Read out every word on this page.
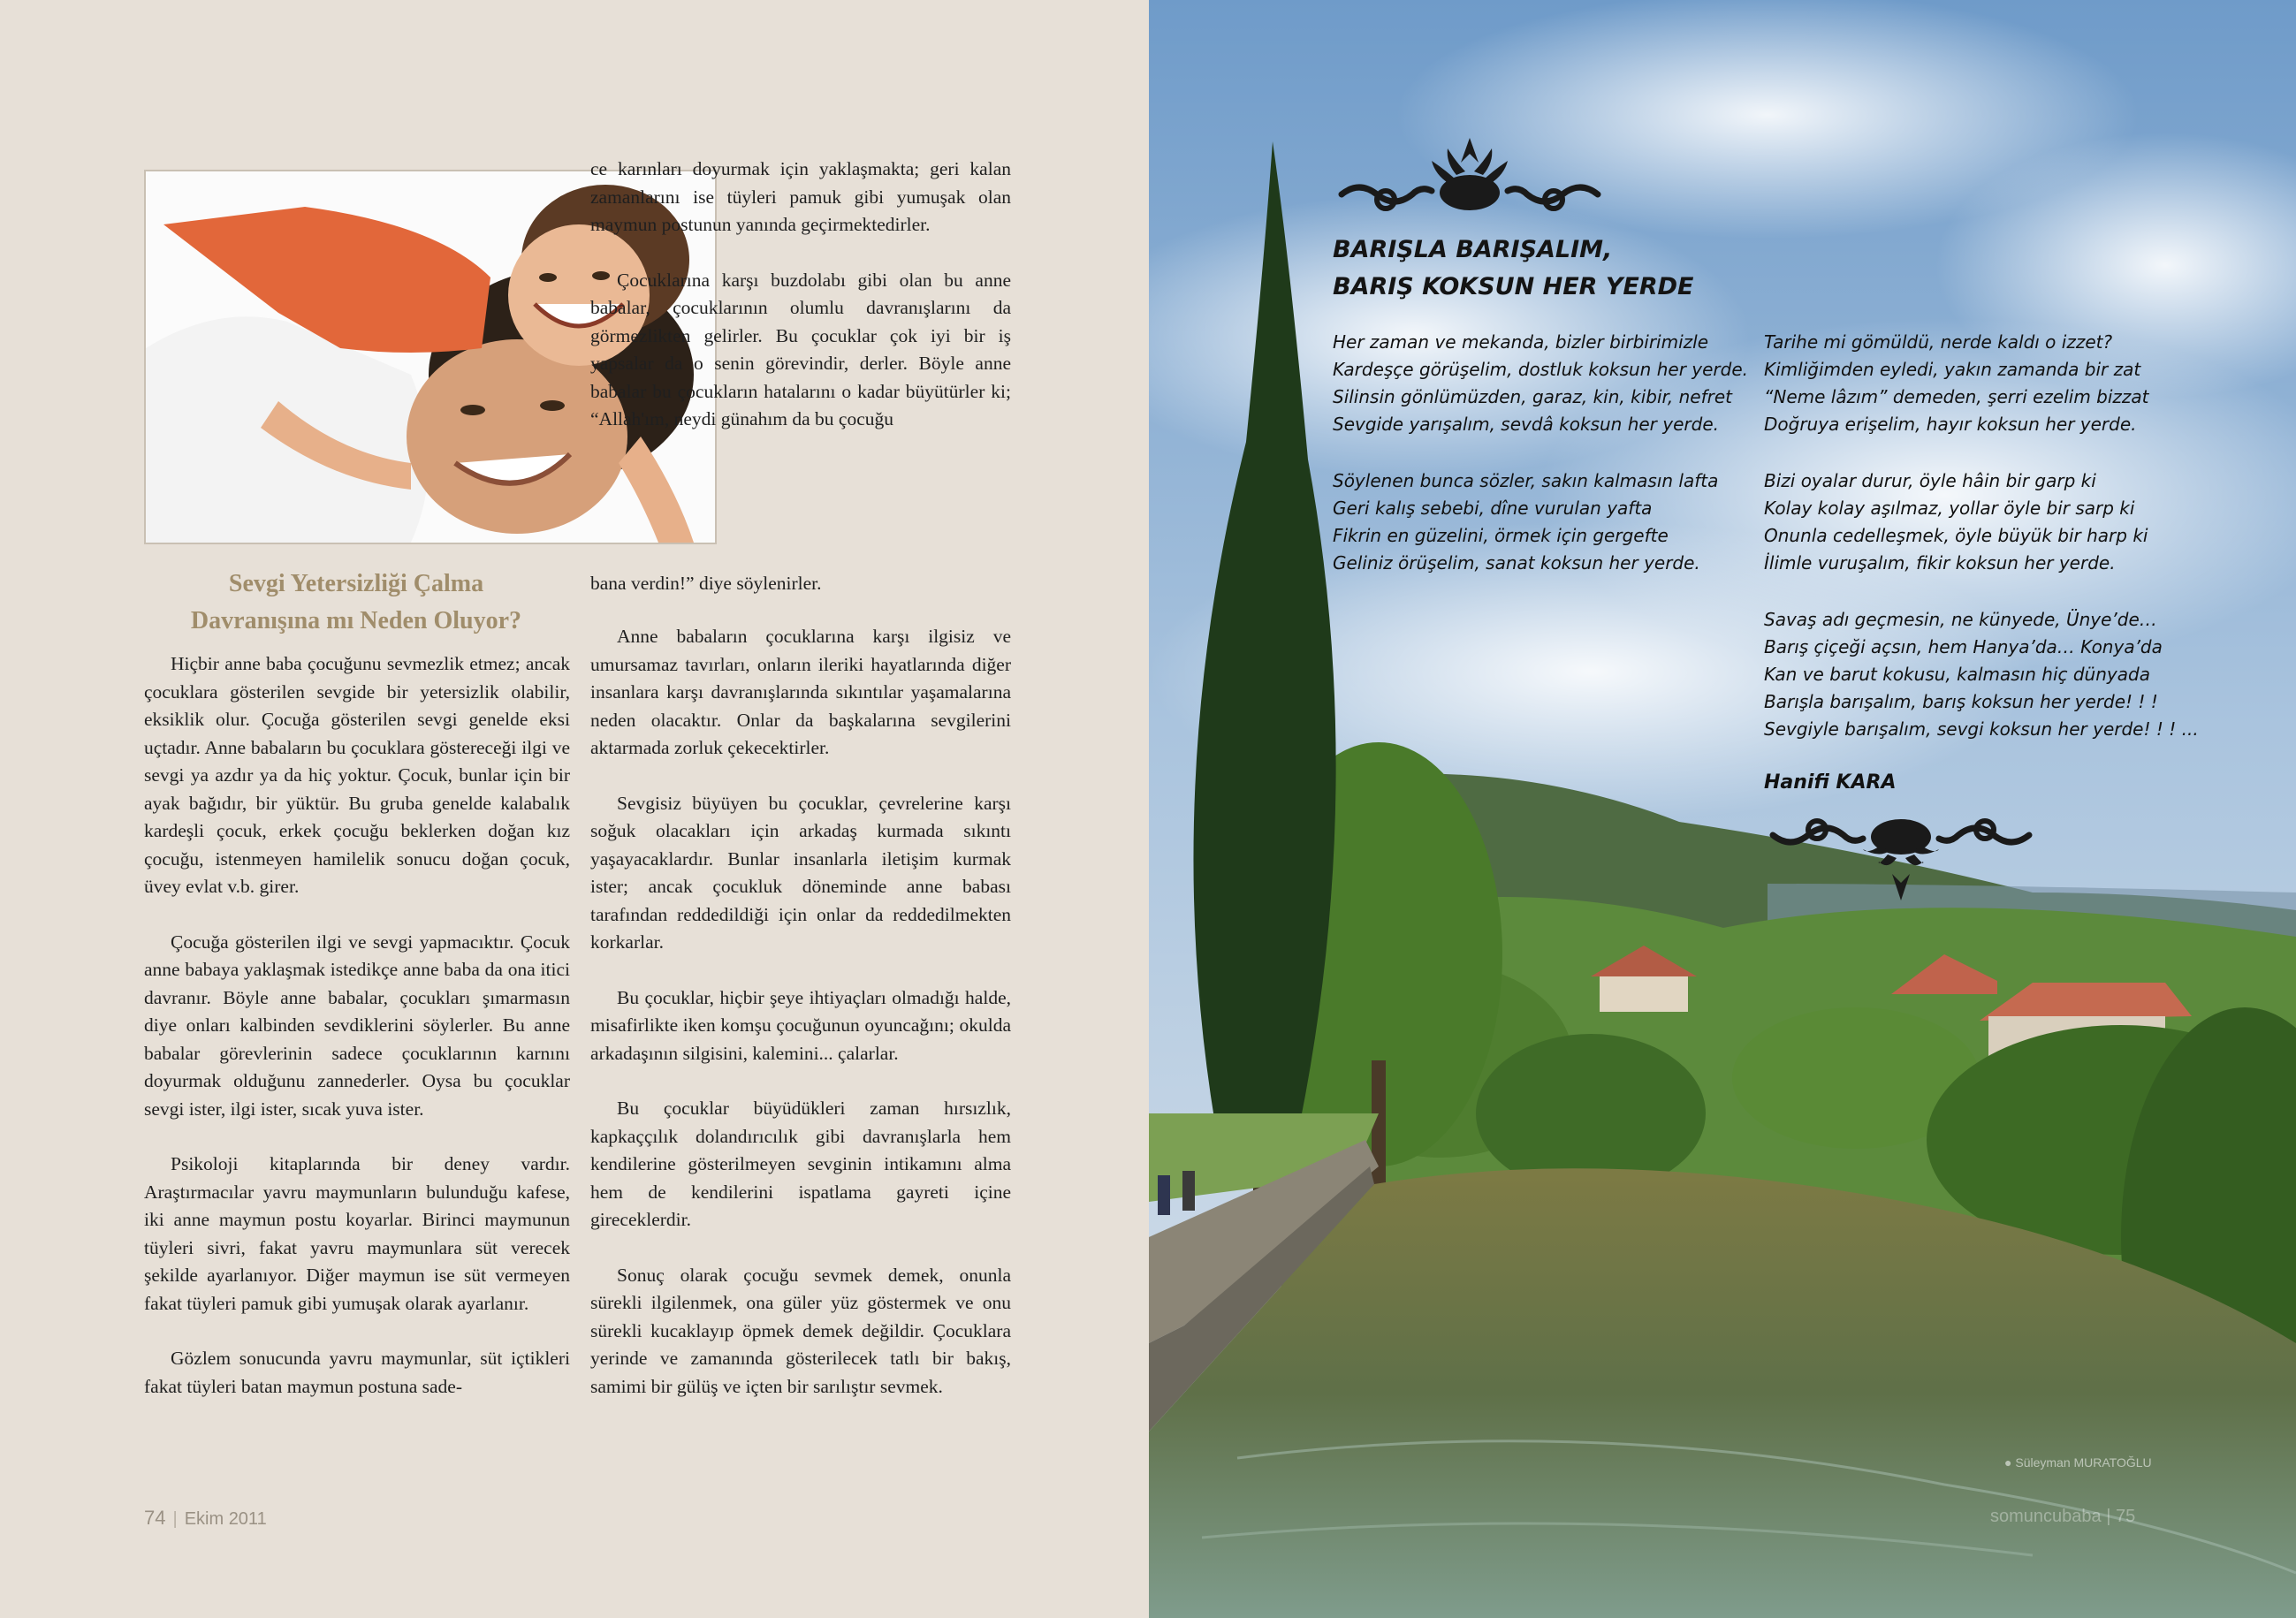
Sevgi Yetersizliği Çalma
Davranışına mı Neden Oluyor?

Hiçbir anne baba çocuğunu sevmezlik etmez; ancak çocuklara gösterilen sevgide bir yetersizlik olabilir, eksiklik olur. Çocuğa gösterilen sevgi genelde eksi uçtadır. Anne babaların bu çocuklara göstereceği ilgi ve sevgi ya azdır ya da hiç yoktur. Çocuk, bunlar için bir ayak bağıdır, bir yüktür. Bu gruba genelde kalabalık kardeşli çocuk, erkek çocuğu beklerken doğan kız çocuğu, istenmeyen hamilelik sonucu doğan çocuk, üvey evlat v.b. girer.

Çocuğa gösterilen ilgi ve sevgi yapmacıktır. Çocuk anne babaya yaklaşmak istedikçe anne baba da ona itici davranır. Böyle anne babalar, çocukları şımarmasın diye onları kalbinden sevdiklerini söylerler. Bu anne babalar görevlerinin sadece çocuklarının karnını doyurmak olduğunu zannederler. Oysa bu çocuklar sevgi ister, ilgi ister, sıcak yuva ister.

Psikoloji kitaplarında bir deney vardır. Araştırmacılar yavru maymunların bulunduğu kafese, iki anne maymun postu koyarlar. Birinci maymunun tüyleri sivri, fakat yavru maymunlara süt verecek şekilde ayarlanıyor. Diğer maymun ise süt vermeyen fakat tüyleri pamuk gibi yumuşak olarak ayarlanır.

Gözlem sonucunda yavru maymunlar, süt içtikleri fakat tüyleri batan maymun postuna sade-

ce karınları doyurmak için yaklaşmakta; geri kalan zamanlarını ise tüyleri pamuk gibi yumuşak olan maymun postunun yanında geçirmektedirler.

Çocuklarına karşı buzdolabı gibi olan bu anne babalar, çocuklarının olumlu davranışlarını da görmezlikten gelirler. Bu çocuklar çok iyi bir iş yapsalar da o senin görevindir, derler. Böyle anne babalar bu çocukların hatalarını o kadar büyütürler ki; “Allah'ım, neydi günahım da bu çocuğu

bana verdin!” diye söylenirler.

Anne babaların çocuklarına karşı ilgisiz ve umursamaz tavırları, onların ileriki hayatlarında diğer insanlara karşı davranışlarında sıkıntılar yaşamalarına neden olacaktır. Onlar da başkalarına sevgilerini aktarmada zorluk çekecektirler.

Sevgisiz büyüyen bu çocuklar, çevrelerine karşı soğuk olacakları için arkadaş kurmada sıkıntı yaşayacaklardır. Bunlar insanlarla iletişim kurmak ister; ancak çocukluk döneminde anne babası tarafından reddedildiği için onlar da reddedilmekten korkarlar.

Bu çocuklar, hiçbir şeye ihtiyaçları olmadığı halde, misafirlikte iken komşu çocuğunun oyuncağını; okulda arkadaşının silgisini, kalemini... çalarlar.

Bu çocuklar büyüdükleri zaman hırsızlık, kapkaççılık dolandırıcılık gibi davranışlarla hem kendilerine gösterilmeyen sevginin intikamını alma hem de kendilerini ispatlama gayreti içine gireceklerdir.

Sonuç olarak çocuğu sevmek demek, onunla sürekli ilgilenmek, ona güler yüz göstermek ve onu sürekli kucaklayıp öpmek demek değildir. Çocuklara yerinde ve zamanında gösterilecek tatlı bir bakış, samimi bir gülüş ve içten bir sarılıştır sevmek.

74 | Ekim 2011
BARIŞLA BARIŞALIM,
BARIŞ KOKSUN HER YERDE
Her zaman ve mekanda, bizler birbirimizle
Kardeşçe görüşelim, dostluk koksun her yerde.
Silinsin gönlümüzden, garaz, kin, kibir, nefret
Sevgide yarışalım, sevdâ koksun her yerde.
Söylenen bunca sözler, sakın kalmasın lafta
Geri kalış sebebi, dîne vurulan yafta
Fikrin en güzelini, örmek için gergefte
Geliniz örüşelim, sanat koksun her yerde.
Tarihe mi gömüldü, nerde kaldı o izzet?
Kimliğimden eyledi, yakın zamanda bir zat
“Neme lâzım” demeden, şerri ezelim bizzat
Doğruya erişelim, hayır koksun her yerde.
Bizi oyalar durur, öyle hâin bir garp ki
Kolay kolay aşılmaz, yollar öyle bir sarp ki
Onunla cedelleşmek, öyle büyük bir harp ki
İlimle vuruşalım, fikir koksun her yerde.
Savaş adı geçmesin, ne künyede, Ünye’de…
Barış çiçeği açsın, hem Hanya’da… Konya’da
Kan ve barut kokusu, kalmasın hiç dünyada
Barışla barışalım, barış koksun her yerde! ! !
Sevgiyle barışalım, sevgi koksun her yerde! ! ! ...
Hanifi KARA
● Süleyman MURATOĞLU
somuncubaba | 75
